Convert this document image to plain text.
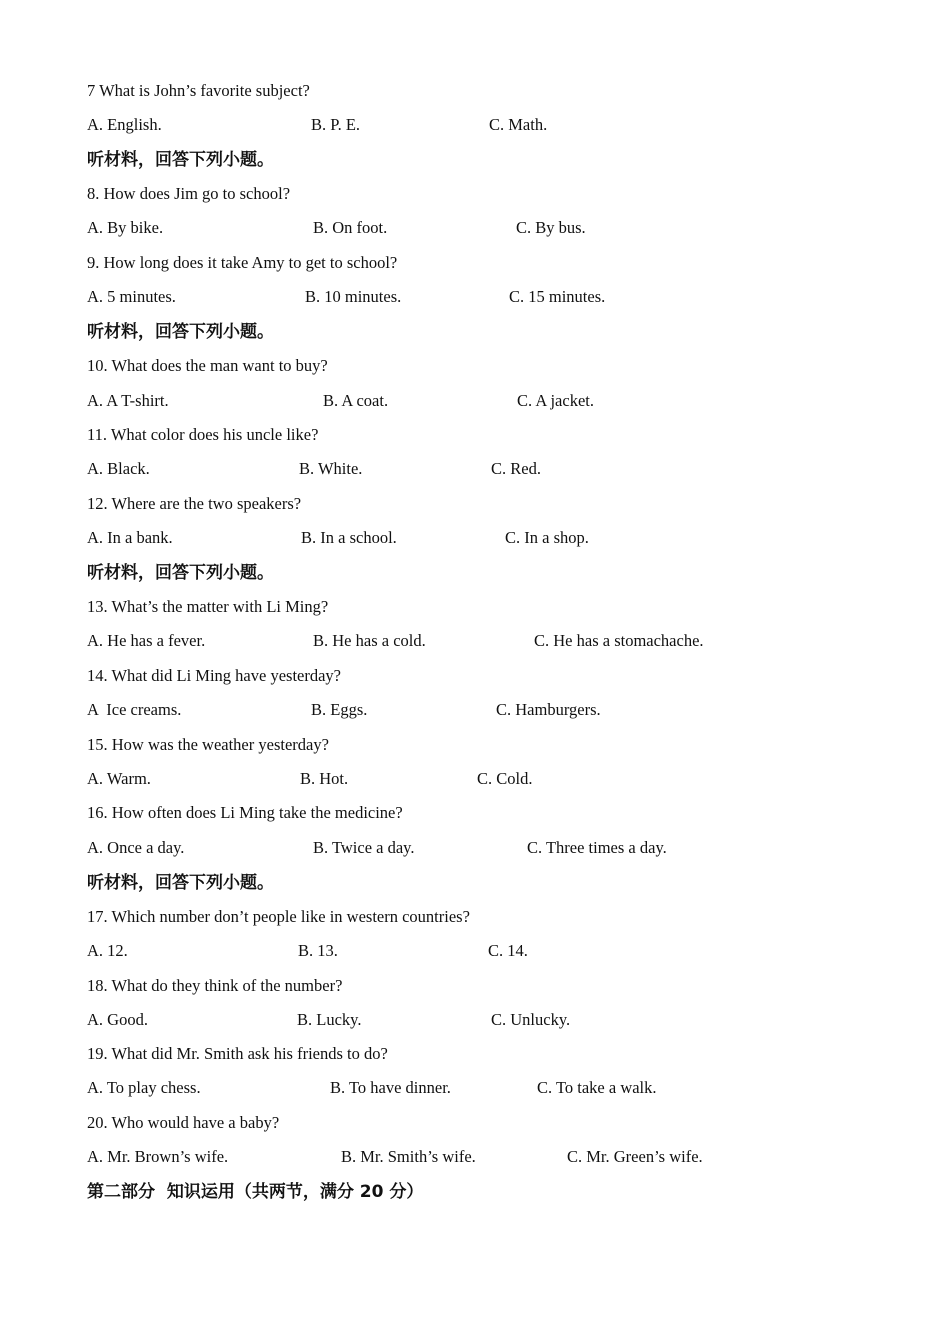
7 What is John’s favorite subject?

A. English.

	B. P. E.

	C. Math.

听材料，回答下列小题。

8. How does Jim go to school?

A. By bike.

	B. On foot.

	C. By bus.

9. How long does it take Amy to get to school?

A. 5 minutes.

	B. 10 minutes.

	C. 15 minutes.

听材料，回答下列小题。

10. What does the man want to buy?

A. A T-shirt.

	B. A coat.

	C. A jacket.

11. What color does his uncle like?

A. Black.

	B. White.

	C. Red.

12. Where are the two speakers?

A. In a bank.

	B. In a school.

	C. In a shop.

听材料，回答下列小题。

13. What’s the matter with Li Ming?

A. He has a fever.

	B. He has a cold.

	C. He has a stomachache.

14. What did Li Ming have yesterday?

A  Ice creams.

	B. Eggs.

	C. Hamburgers.

15. How was the weather yesterday?

A. Warm.

	B. Hot.

	C. Cold.

16. How often does Li Ming take the medicine?

A. Once a day.

	B. Twice a day.

	C. Three times a day.

听材料，回答下列小题。

17. Which number don’t people like in western countries?

A. 12.

	B. 13.

	C. 14.

18. What do they think of the number?

A. Good.

	B. Lucky.

	C. Unlucky.

19. What did Mr. Smith ask his friends to do?

A. To play chess.

	B. To have dinner.

	C. To take a walk.

20. Who would have a baby?

A. Mr. Brown’s wife.

	B. Mr. Smith’s wife.

	C. Mr. Green’s wife.

第二部分  知识运用（共两节，满分 20 分）
